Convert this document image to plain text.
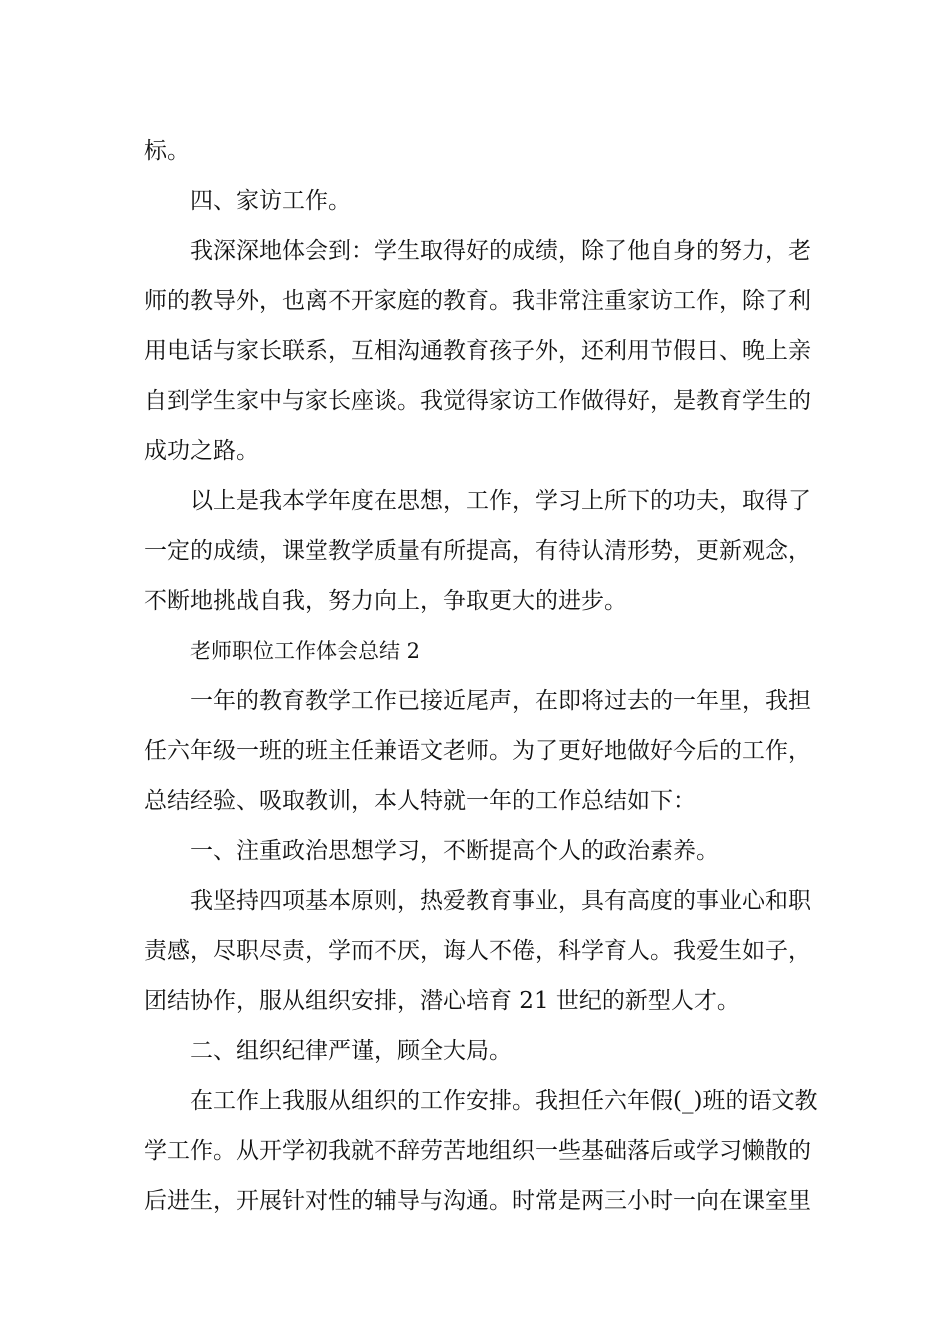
标。
四、家访工作。
我深深地体会到：学生取得好的成绩，除了他自身的努力，老
师的教导外，也离不开家庭的教育。我非常注重家访工作，除了利
用电话与家长联系，互相沟通教育孩子外，还利用节假日、晚上亲
自到学生家中与家长座谈。我觉得家访工作做得好，是教育学生的
成功之路。
以上是我本学年度在思想，工作，学习上所下的功夫，取得了
一定的成绩，课堂教学质量有所提高，有待认清形势，更新观念，
不断地挑战自我，努力向上，争取更大的进步。
老师职位工作体会总结 2
一年的教育教学工作已接近尾声，在即将过去的一年里，我担
任六年级一班的班主任兼语文老师。为了更好地做好今后的工作，
总结经验、吸取教训，本人特就一年的工作总结如下：
一、注重政治思想学习，不断提高个人的政治素养。
我坚持四项基本原则，热爱教育事业，具有高度的事业心和职
责感，尽职尽责，学而不厌，诲人不倦，科学育人。我爱生如子，
团结协作，服从组织安排，潜心培育 21 世纪的新型人才。
二、组织纪律严谨，顾全大局。
在工作上我服从组织的工作安排。我担任六年假(_)班的语文教
学工作。从开学初我就不辞劳苦地组织一些基础落后或学习懒散的
后进生，开展针对性的辅导与沟通。时常是两三小时一向在课室里
